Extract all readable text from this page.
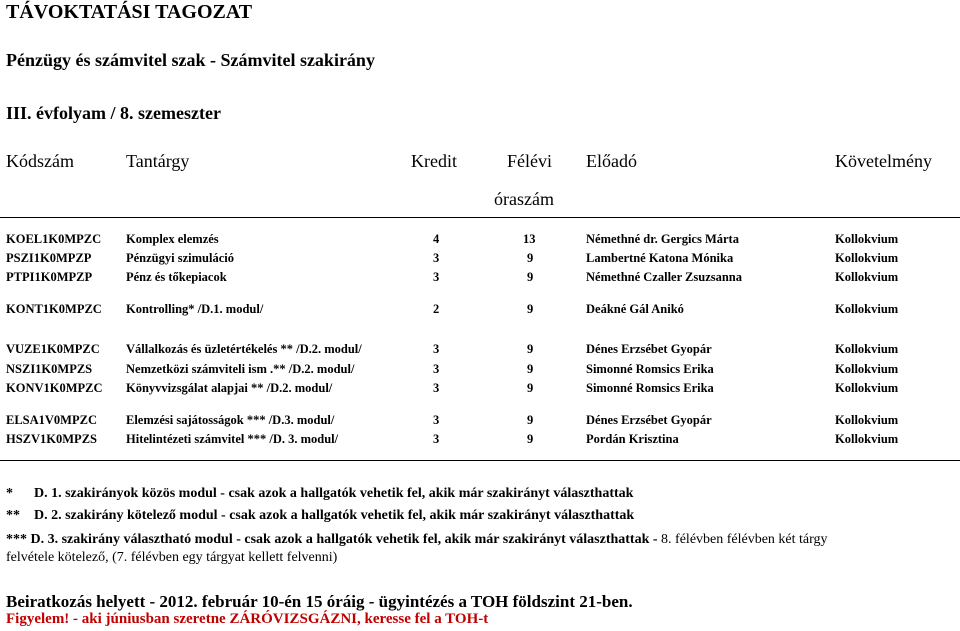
TÁVOKTATÁSI TAGOZAT
Pénzügy és számvitel szak - Számvitel szakirány
III. évfolyam / 8. szemeszter
Kódszám	Tantárgy	Kredit	Félévi
óraszám
Előadó	Követelmény
KOEL1K0MPZC Komplex elemzés	4	13	Némethné dr. Gergics Márta	Kollokvium
PSZI1K0MPZP	Pénzügyi szimuláció	3	9	Lambertné Katona Mónika	Kollokvium
PTPI1K0MPZP	Pénz és tőkepiacok	3	9	Némethné Czaller Zsuzsanna	Kollokvium
KONT1K0MPZC Kontrolling* /D.1. modul/	2	9	Deákné Gál Anikó	Kollokvium
VUZE1K0MPZC Vállalkozás és üzletértékelés ** /D.2. modul/	3	9	Dénes Erzsébet Gyopár	Kollokvium
NSZI1K0MPZS	Nemzetközi számviteli ism .** /D.2. modul/	3	9	Simonné Romsics Erika	Kollokvium
KONV1K0MPZC Könyvvizsgálat alapjai ** /D.2. modul/	3	9	Simonné Romsics Erika	Kollokvium
ELSA1V0MPZC Elemzési sajátosságok *** /D.3. modul/	3	9	Dénes Erzsébet Gyopár	Kollokvium
HSZV1K0MPZS Hitelintézeti számvitel *** /D. 3. modul/	3	9	Pordán Krisztina	Kollokvium
* D. 1. szakirányok közös modul - csak azok a hallgatók vehetik fel, akik már szakirányt választhattak
** D. 2. szakirány kötelező modul - csak azok a hallgatók vehetik fel, akik már szakirányt választhattak
*** D. 3. szakirány választható modul - csak azok a hallgatók vehetik fel, akik már szakirányt választhattak - 8. félévben félévben két tárgy
felvétele kötelező, (7. félévben egy tárgyat kellett felvenni)
Beiratkozás helyett - 2012. február 10-én 15 óráig - ügyintézés a TOH földszint 21-ben.
Figyelem! - aki júniusban szeretne ZÁRÓVIZSGÁZNI, keresse fel a TOH-t
